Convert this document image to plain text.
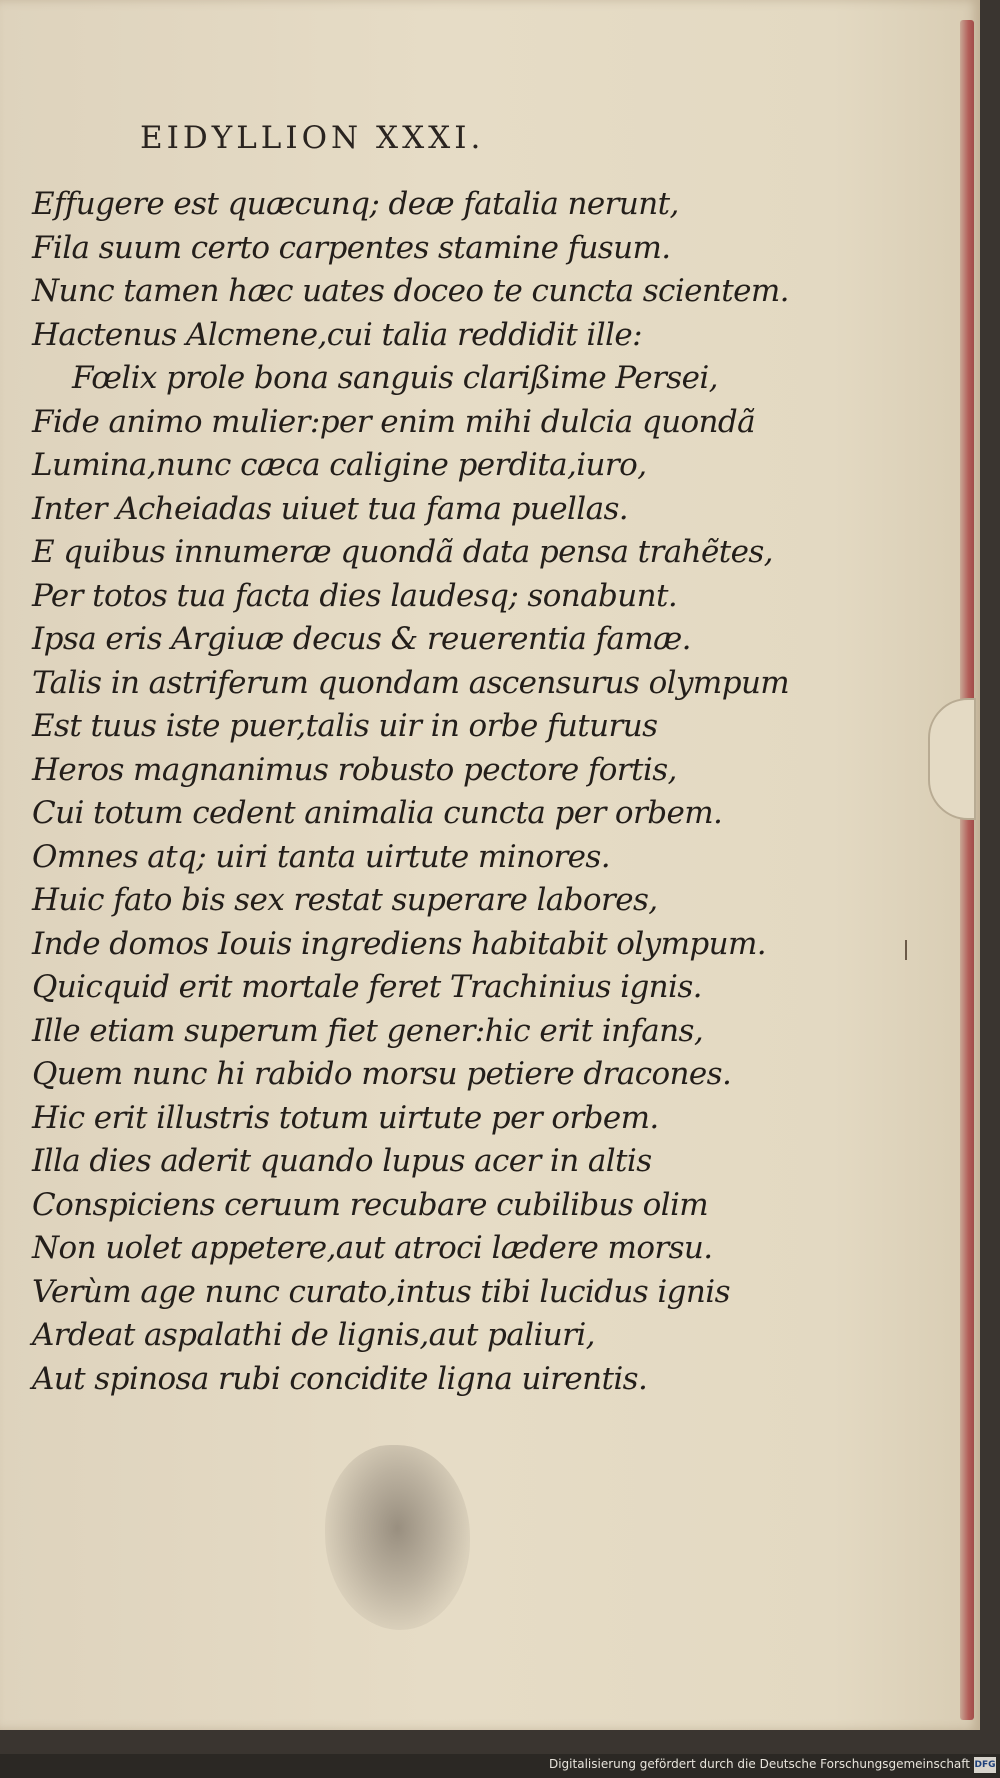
EIDYLLION XXXI.
Effugere est quæcunq; deæ fatalia nerunt,
Fila suum certo carpentes stamine fusum.
Nunc tamen hæc uates doceo te cuncta scientem.
Hactenus Alcmene,cui talia reddidit ille:
Fœlix prole bona sanguis clarißime Persei,
Fide animo mulier:per enim mihi dulcia quondã
Lumina,nunc cæca caligine perdita,iuro,
Inter Acheiadas uiuet tua fama puellas.
E quibus innumeræ quondã data pensa trahẽtes,
Per totos tua facta dies laudesq; sonabunt.
Ipsa eris Argiuæ decus & reuerentia famæ.
Talis in astriferum quondam ascensurus olympum
Est tuus iste puer,talis uir in orbe futurus
Heros magnanimus robusto pectore fortis,
Cui totum cedent animalia cuncta per orbem.
Omnes atq; uiri tanta uirtute minores.
Huic fato bis sex restat superare labores,
Inde domos Iouis ingrediens habitabit olympum.
Quicquid erit mortale feret Trachinius ignis.
Ille etiam superum fiet gener:hic erit infans,
Quem nunc hi rabido morsu petiere dracones.
Hic erit illustris totum uirtute per orbem.
Illa dies aderit quando lupus acer in altis
Conspiciens ceruum recubare cubilibus olim
Non uolet appetere,aut atroci lædere morsu.
Verùm age nunc curato,intus tibi lucidus ignis
Ardeat aspalathi de lignis,aut paliuri,
Aut spinosa rubi concidite ligna uirentis.
Digitalisierung gefördert durch die Deutsche Forschungsgemeinschaft DFG
